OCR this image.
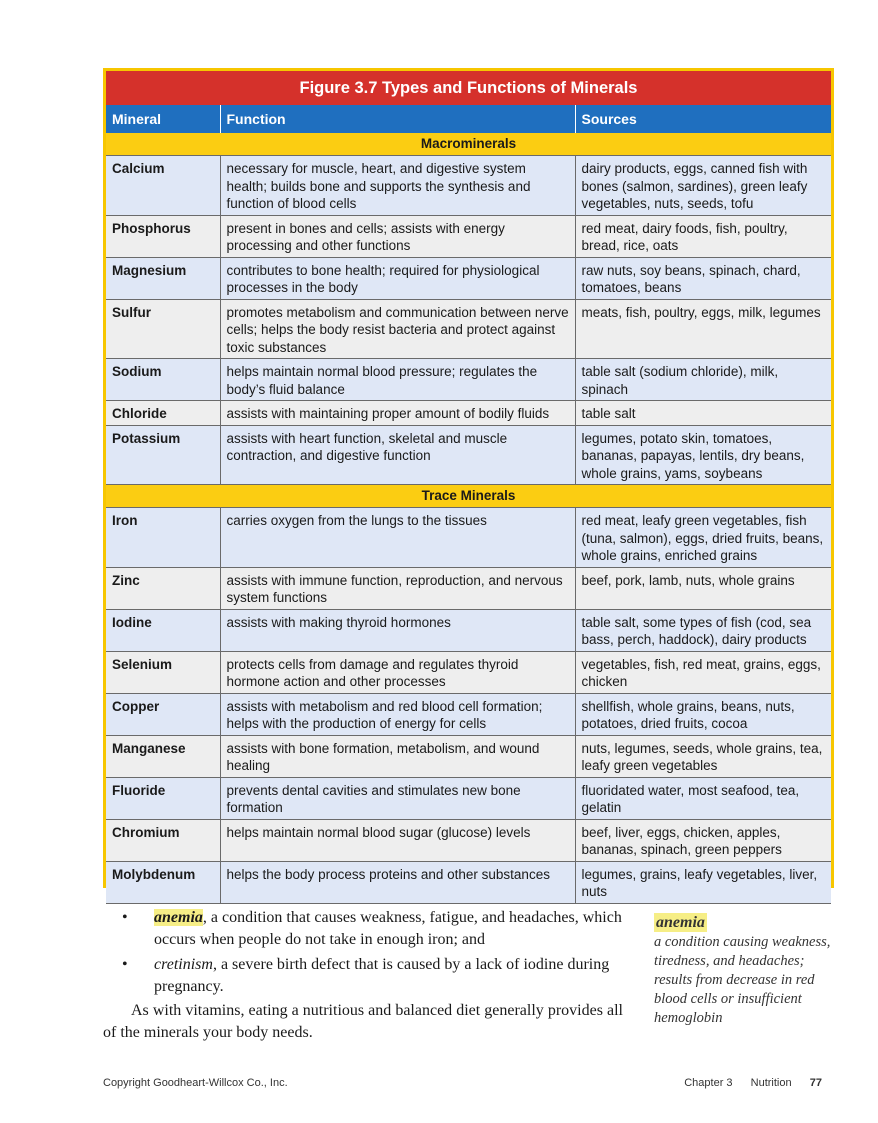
Figure 3.7 Types and Functions of Minerals
Mineral	Function	Sources
Macrominerals		
Calcium	necessary for muscle, heart, and digestive system health; builds bone and supports the synthesis and function of blood cells	dairy products, eggs, canned fish with bones (salmon, sardines), green leafy vegetables, nuts, seeds, tofu
Phosphorus	present in bones and cells; assists with energy processing and other functions	red meat, dairy foods, fish, poultry, bread, rice, oats
Magnesium	contributes to bone health; required for physiological processes in the body	raw nuts, soy beans, spinach, chard, tomatoes, beans
Sulfur	promotes metabolism and communication between nerve cells; helps the body resist bacteria and protect against toxic substances	meats, fish, poultry, eggs, milk, legumes
Sodium	helps maintain normal blood pressure; regulates the body’s fluid balance	table salt (sodium chloride), milk, spinach
Chloride	assists with maintaining proper amount of bodily fluids	table salt
Potassium	assists with heart function, skeletal and muscle contraction, and digestive function	legumes, potato skin, tomatoes, bananas, papayas, lentils, dry beans, whole grains, yams, soybeans
Trace Minerals		
Iron	carries oxygen from the lungs to the tissues	red meat, leafy green vegetables, fish (tuna, salmon), eggs, dried fruits, beans, whole grains, enriched grains
Zinc	assists with immune function, reproduction, and nervous system functions	beef, pork, lamb, nuts, whole grains
Iodine	assists with making thyroid hormones	table salt, some types of fish (cod, sea bass, perch, haddock), dairy products
Selenium	protects cells from damage and regulates thyroid hormone action and other processes	vegetables, fish, red meat, grains, eggs, chicken
Copper	assists with metabolism and red blood cell formation; helps with the production of energy for cells	shellfish, whole grains, beans, nuts, potatoes, dried fruits, cocoa
Manganese	assists with bone formation, metabolism, and wound healing	nuts, legumes, seeds, whole grains, tea, leafy green vegetables
Fluoride	prevents dental cavities and stimulates new bone formation	fluoridated water, most seafood, tea, gelatin
Chromium	helps maintain normal blood sugar (glucose) levels	beef, liver, eggs, chicken, apples, bananas, spinach, green peppers
Molybdenum	helps the body process proteins and other substances	legumes, grains, leafy vegetables, liver, nuts
•	anemia, a condition that causes weakness, fatigue, and headaches, which occurs when people do not take in enough iron; and
•	cretinism, a severe birth defect that is caused by a lack of iodine during pregnancy.
As with vitamins, eating a nutritious and balanced diet generally provides all of the minerals your body needs.
anemia
a condition causing weakness, tiredness, and headaches; results from decrease in red blood cells or insufficient hemoglobin
Copyright Goodheart-Willcox Co., Inc.	Chapter 3 Nutrition 77
